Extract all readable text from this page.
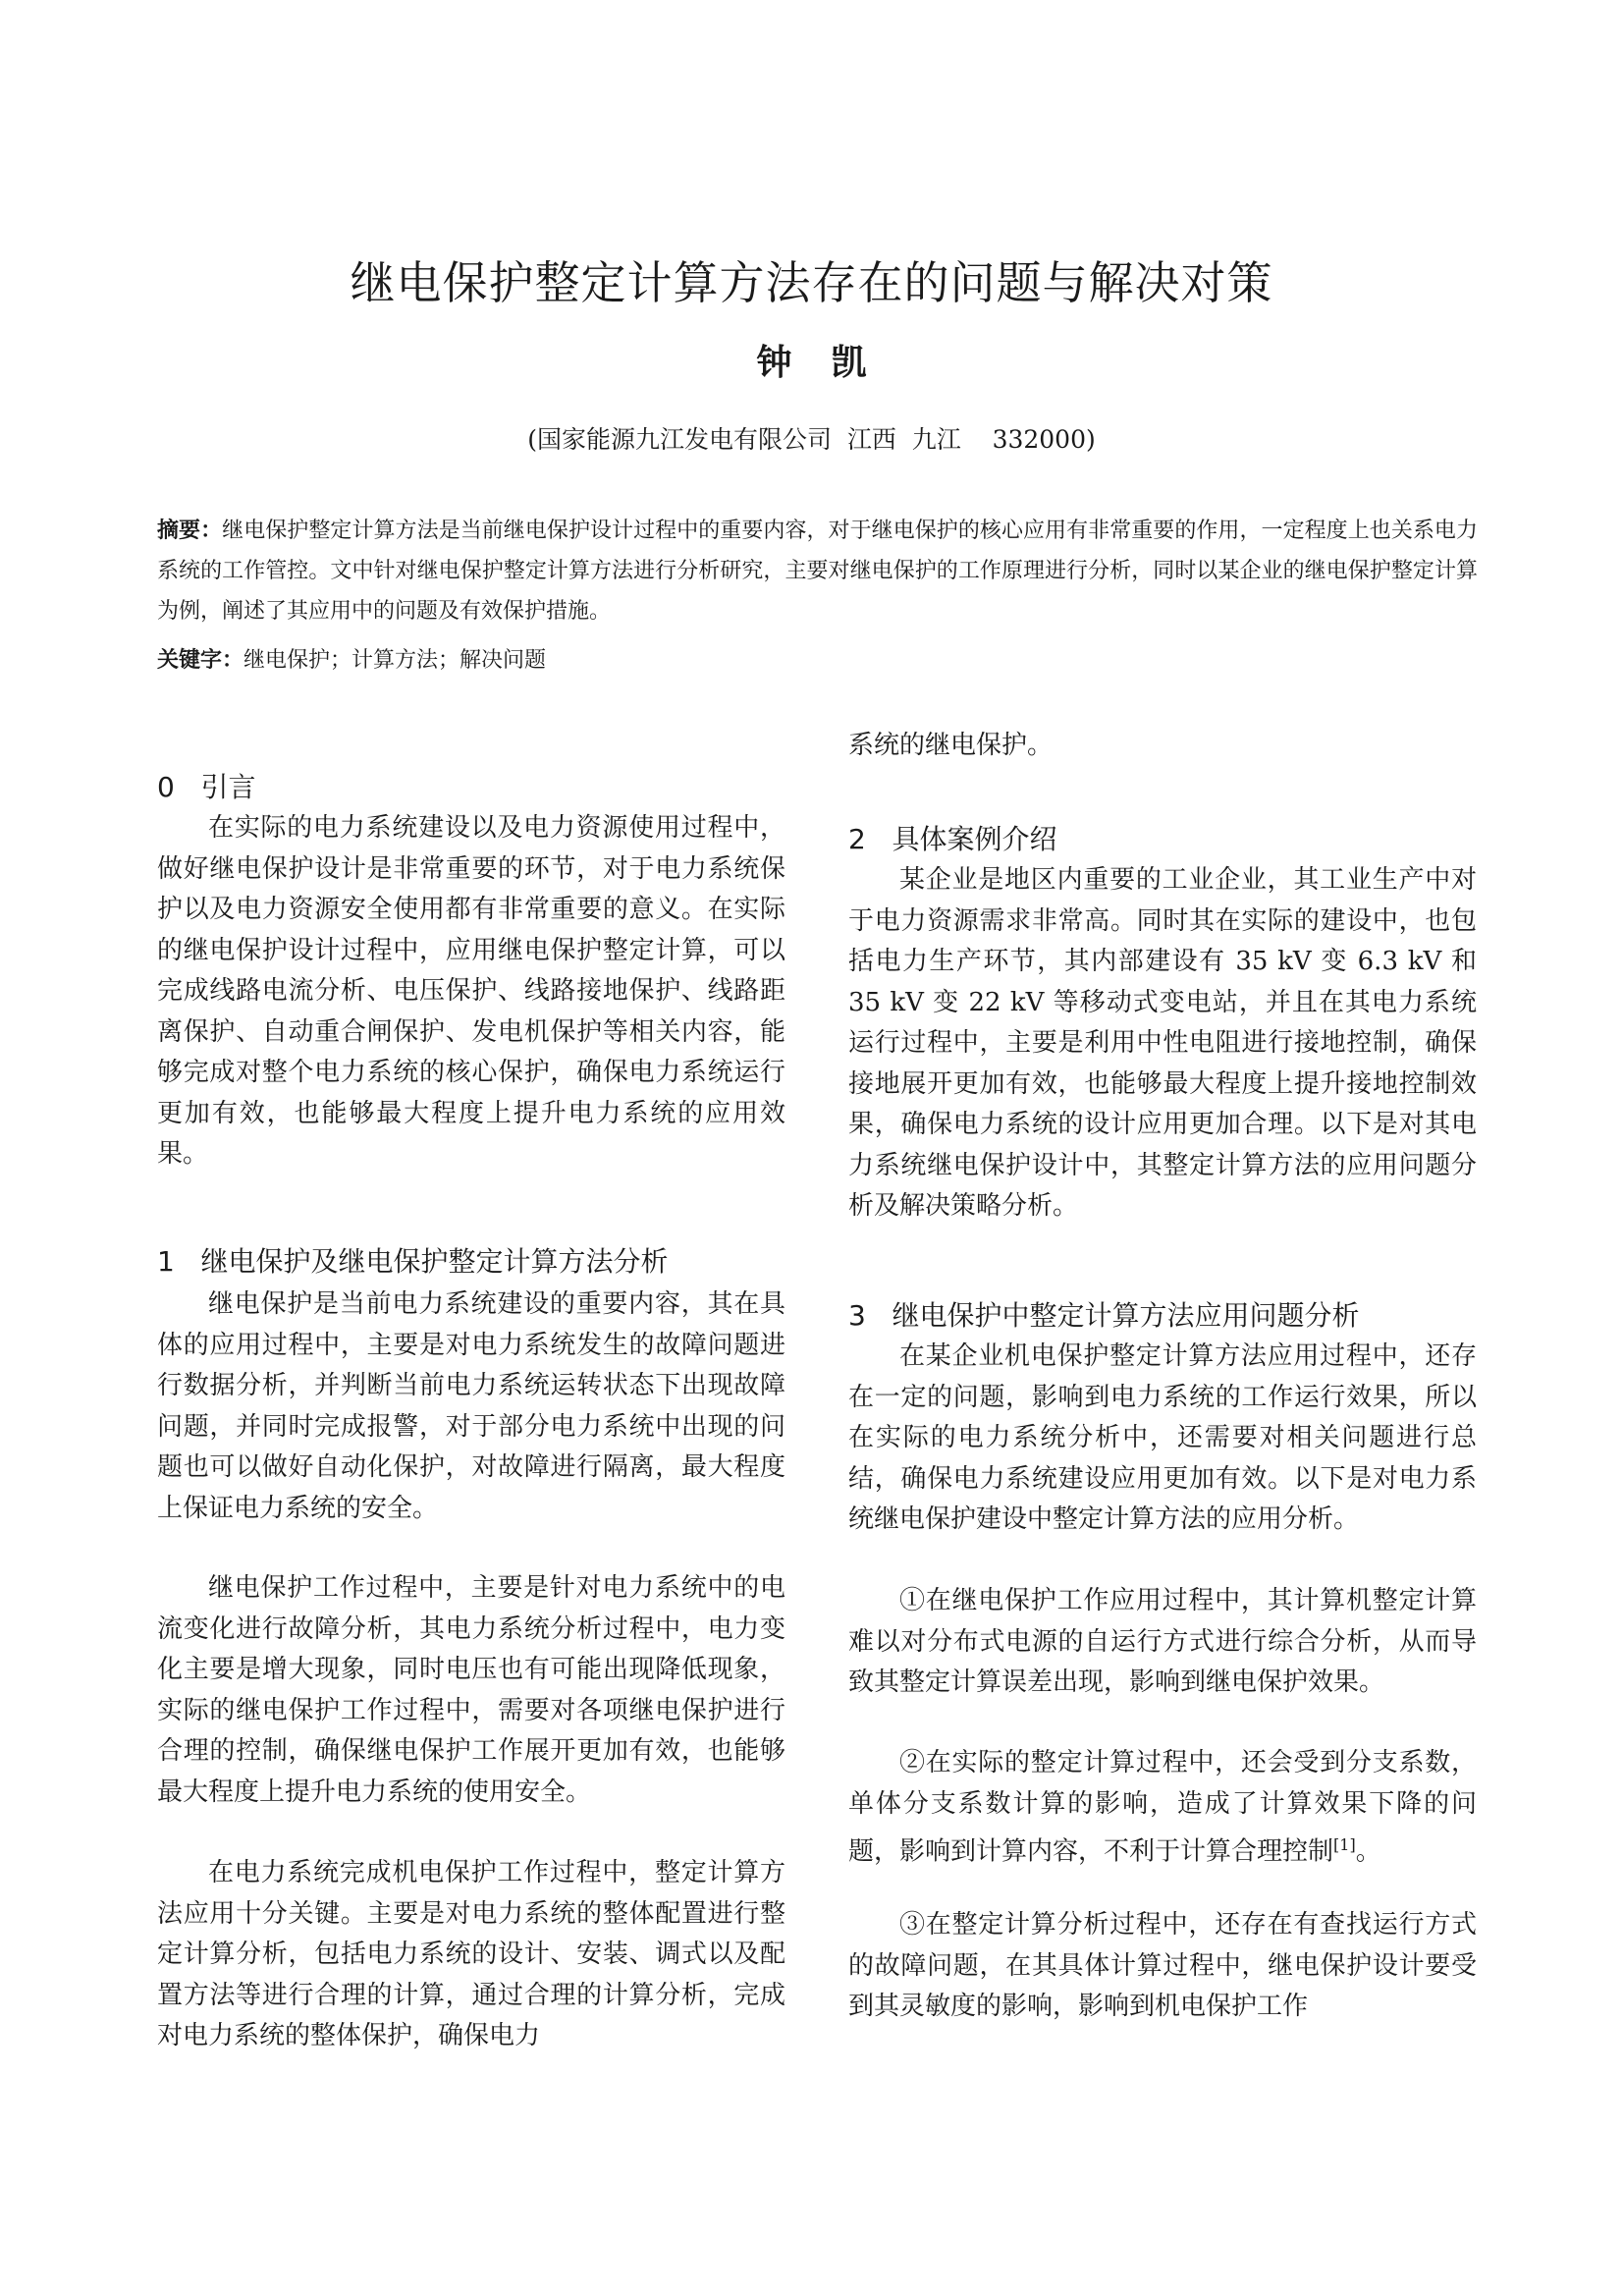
继电保护整定计算方法存在的问题与解决对策
钟凯
(国家能源九江发电有限公司  江西  九江    332000)
摘要：继电保护整定计算方法是当前继电保护设计过程中的重要内容，对于继电保护的核心应用有非常重要的作用，一定程度上也关系电力系统的工作管控。文中针对继电保护整定计算方法进行分析研究，主要对继电保护的工作原理进行分析，同时以某企业的继电保护整定计算为例，阐述了其应用中的问题及有效保护措施。
关键字：继电保护；计算方法；解决问题
0   引言
在实际的电力系统建设以及电力资源使用过程中，做好继电保护设计是非常重要的环节，对于电力系统保护以及电力资源安全使用都有非常重要的意义。在实际的继电保护设计过程中，应用继电保护整定计算，可以完成线路电流分析、电压保护、线路接地保护、线路距离保护、自动重合闸保护、发电机保护等相关内容，能够完成对整个电力系统的核心保护，确保电力系统运行更加有效，也能够最大程度上提升电力系统的应用效果。
1   继电保护及继电保护整定计算方法分析
继电保护是当前电力系统建设的重要内容，其在具体的应用过程中，主要是对电力系统发生的故障问题进行数据分析，并判断当前电力系统运转状态下出现故障问题，并同时完成报警，对于部分电力系统中出现的问题也可以做好自动化保护，对故障进行隔离，最大程度上保证电力系统的安全。
继电保护工作过程中，主要是针对电力系统中的电流变化进行故障分析，其电力系统分析过程中，电力变化主要是增大现象，同时电压也有可能出现降低现象，实际的继电保护工作过程中，需要对各项继电保护进行合理的控制，确保继电保护工作展开更加有效，也能够最大程度上提升电力系统的使用安全。
在电力系统完成机电保护工作过程中，整定计算方法应用十分关键。主要是对电力系统的整体配置进行整定计算分析，包括电力系统的设计、安装、调式以及配置方法等进行合理的计算，通过合理的计算分析，完成对电力系统的整体保护，确保电力
系统的继电保护。
2   具体案例介绍
某企业是地区内重要的工业企业，其工业生产中对于电力资源需求非常高。同时其在实际的建设中，也包括电力生产环节，其内部建设有 35 kV 变 6.3 kV 和 35 kV 变 22 kV 等移动式变电站，并且在其电力系统运行过程中，主要是利用中性电阻进行接地控制，确保接地展开更加有效，也能够最大程度上提升接地控制效果，确保电力系统的设计应用更加合理。以下是对其电力系统继电保护设计中，其整定计算方法的应用问题分析及解决策略分析。
3   继电保护中整定计算方法应用问题分析
在某企业机电保护整定计算方法应用过程中，还存在一定的问题，影响到电力系统的工作运行效果，所以在实际的电力系统分析中，还需要对相关问题进行总结，确保电力系统建设应用更加有效。以下是对电力系统继电保护建设中整定计算方法的应用分析。
①在继电保护工作应用过程中，其计算机整定计算难以对分布式电源的自运行方式进行综合分析，从而导致其整定计算误差出现，影响到继电保护效果。
②在实际的整定计算过程中，还会受到分支系数，单体分支系数计算的影响，造成了计算效果下降的问题，影响到计算内容，不利于计算合理控制[1]。
③在整定计算分析过程中，还存在有查找运行方式的故障问题，在其具体计算过程中，继电保护设计要受到其灵敏度的影响，影响到机电保护工作
